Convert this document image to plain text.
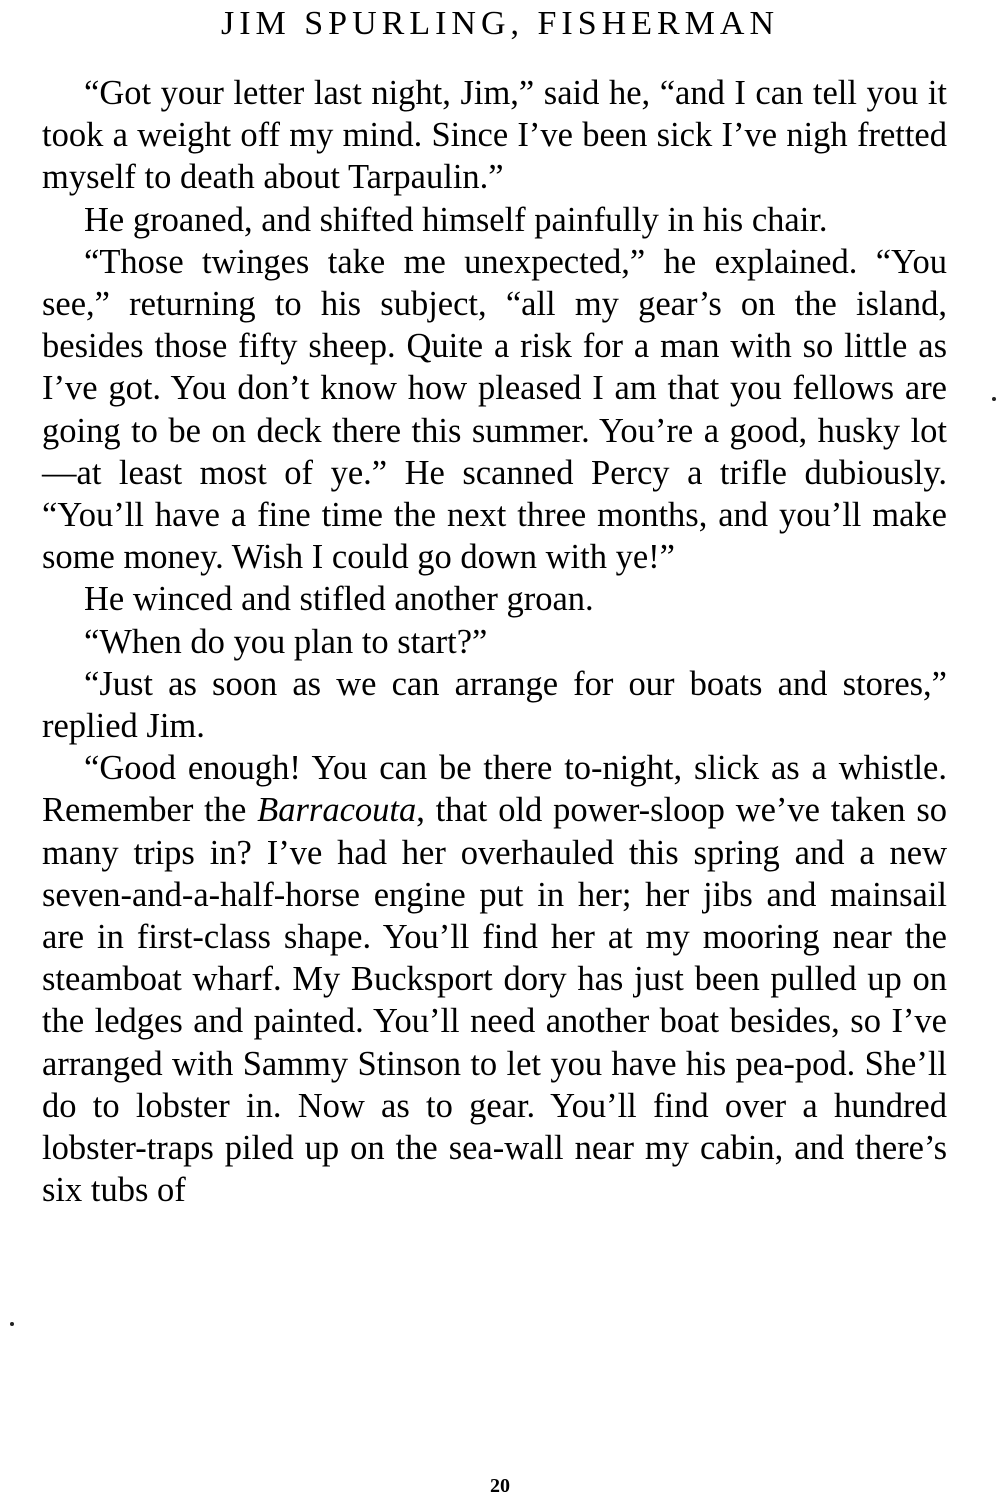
JIM SPURLING, FISHERMAN

“Got your letter last night, Jim,” said he, “and I can tell you it took a weight off my mind. Since I’ve been sick I’ve nigh fretted myself to death about Tarpaulin.”

He groaned, and shifted himself painfully in his chair.

“Those twinges take me unexpected,” he explained. “You see,” returning to his subject, “all my gear’s on the island, besides those fifty sheep. Quite a risk for a man with so little as I’ve got. You don’t know how pleased I am that you fellows are going to be on deck there this summer. You’re a good, husky lot—at least most of ye.” He scanned Percy a trifle dubiously. “You’ll have a fine time the next three months, and you’ll make some money. Wish I could go down with ye!”

He winced and stifled another groan.

“When do you plan to start?”

“Just as soon as we can arrange for our boats and stores,” replied Jim.

“Good enough! You can be there to-night, slick as a whistle. Remember the Barracouta, that old power-sloop we’ve taken so many trips in? I’ve had her overhauled this spring and a new seven-and-a-half-horse engine put in her; her jibs and mainsail are in first-class shape. You’ll find her at my mooring near the steamboat wharf. My Bucksport dory has just been pulled up on the ledges and painted. You’ll need another boat besides, so I’ve arranged with Sammy Stinson to let you have his pea-pod. She’ll do to lobster in. Now as to gear. You’ll find over a hundred lobster-traps piled up on the sea-wall near my cabin, and there’s six tubs of

20
